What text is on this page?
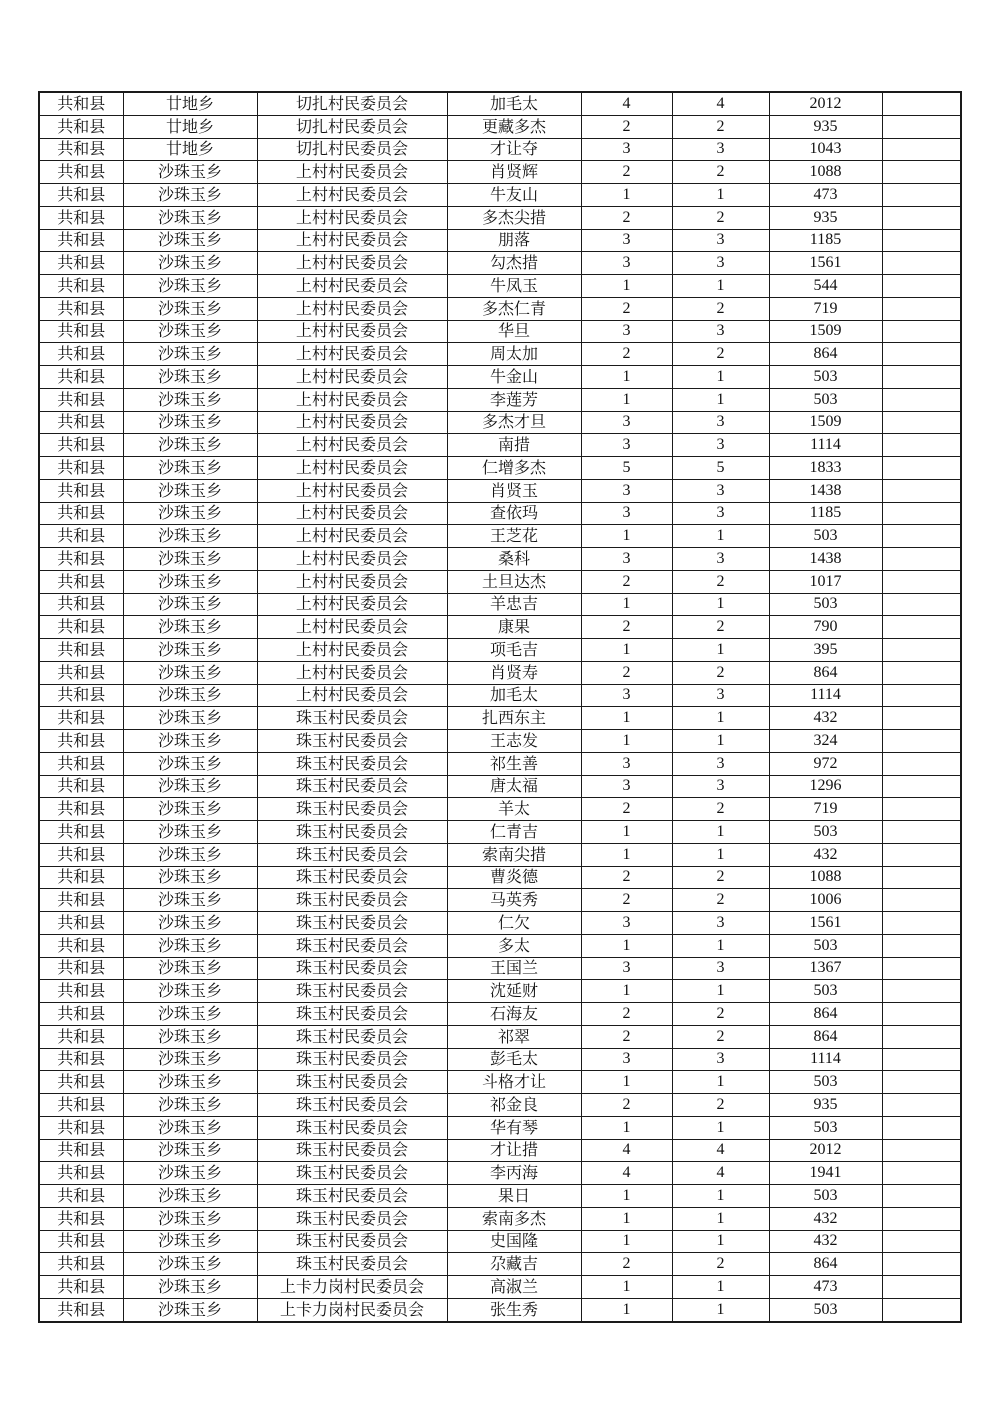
共和县	廿地乡	切扎村民委员会	加毛太	4	4	2012	
共和县	廿地乡	切扎村民委员会	更藏多杰	2	2	935	
共和县	廿地乡	切扎村民委员会	才让夺	3	3	1043	
共和县	沙珠玉乡	上村村民委员会	肖贤辉	2	2	1088	
共和县	沙珠玉乡	上村村民委员会	牛友山	1	1	473	
共和县	沙珠玉乡	上村村民委员会	多杰尖措	2	2	935	
共和县	沙珠玉乡	上村村民委员会	朋落	3	3	1185	
共和县	沙珠玉乡	上村村民委员会	勾杰措	3	3	1561	
共和县	沙珠玉乡	上村村民委员会	牛凤玉	1	1	544	
共和县	沙珠玉乡	上村村民委员会	多杰仁青	2	2	719	
共和县	沙珠玉乡	上村村民委员会	华旦	3	3	1509	
共和县	沙珠玉乡	上村村民委员会	周太加	2	2	864	
共和县	沙珠玉乡	上村村民委员会	牛金山	1	1	503	
共和县	沙珠玉乡	上村村民委员会	李莲芳	1	1	503	
共和县	沙珠玉乡	上村村民委员会	多杰才旦	3	3	1509	
共和县	沙珠玉乡	上村村民委员会	南措	3	3	1114	
共和县	沙珠玉乡	上村村民委员会	仁增多杰	5	5	1833	
共和县	沙珠玉乡	上村村民委员会	肖贤玉	3	3	1438	
共和县	沙珠玉乡	上村村民委员会	查依玛	3	3	1185	
共和县	沙珠玉乡	上村村民委员会	王芝花	1	1	503	
共和县	沙珠玉乡	上村村民委员会	桑科	3	3	1438	
共和县	沙珠玉乡	上村村民委员会	土旦达杰	2	2	1017	
共和县	沙珠玉乡	上村村民委员会	羊忠吉	1	1	503	
共和县	沙珠玉乡	上村村民委员会	康果	2	2	790	
共和县	沙珠玉乡	上村村民委员会	项毛吉	1	1	395	
共和县	沙珠玉乡	上村村民委员会	肖贤寿	2	2	864	
共和县	沙珠玉乡	上村村民委员会	加毛太	3	3	1114	
共和县	沙珠玉乡	珠玉村民委员会	扎西东主	1	1	432	
共和县	沙珠玉乡	珠玉村民委员会	王志发	1	1	324	
共和县	沙珠玉乡	珠玉村民委员会	祁生善	3	3	972	
共和县	沙珠玉乡	珠玉村民委员会	唐太福	3	3	1296	
共和县	沙珠玉乡	珠玉村民委员会	羊太	2	2	719	
共和县	沙珠玉乡	珠玉村民委员会	仁青吉	1	1	503	
共和县	沙珠玉乡	珠玉村民委员会	索南尖措	1	1	432	
共和县	沙珠玉乡	珠玉村民委员会	曹炎德	2	2	1088	
共和县	沙珠玉乡	珠玉村民委员会	马英秀	2	2	1006	
共和县	沙珠玉乡	珠玉村民委员会	仁欠	3	3	1561	
共和县	沙珠玉乡	珠玉村民委员会	多太	1	1	503	
共和县	沙珠玉乡	珠玉村民委员会	王国兰	3	3	1367	
共和县	沙珠玉乡	珠玉村民委员会	沈延财	1	1	503	
共和县	沙珠玉乡	珠玉村民委员会	石海友	2	2	864	
共和县	沙珠玉乡	珠玉村民委员会	祁翠	2	2	864	
共和县	沙珠玉乡	珠玉村民委员会	彭毛太	3	3	1114	
共和县	沙珠玉乡	珠玉村民委员会	斗格才让	1	1	503	
共和县	沙珠玉乡	珠玉村民委员会	祁金良	2	2	935	
共和县	沙珠玉乡	珠玉村民委员会	华有琴	1	1	503	
共和县	沙珠玉乡	珠玉村民委员会	才让措	4	4	2012	
共和县	沙珠玉乡	珠玉村民委员会	李丙海	4	4	1941	
共和县	沙珠玉乡	珠玉村民委员会	果日	1	1	503	
共和县	沙珠玉乡	珠玉村民委员会	索南多杰	1	1	432	
共和县	沙珠玉乡	珠玉村民委员会	史国隆	1	1	432	
共和县	沙珠玉乡	珠玉村民委员会	尕藏吉	2	2	864	
共和县	沙珠玉乡	上卡力岗村民委员会	高淑兰	1	1	473	
共和县	沙珠玉乡	上卡力岗村民委员会	张生秀	1	1	503	
